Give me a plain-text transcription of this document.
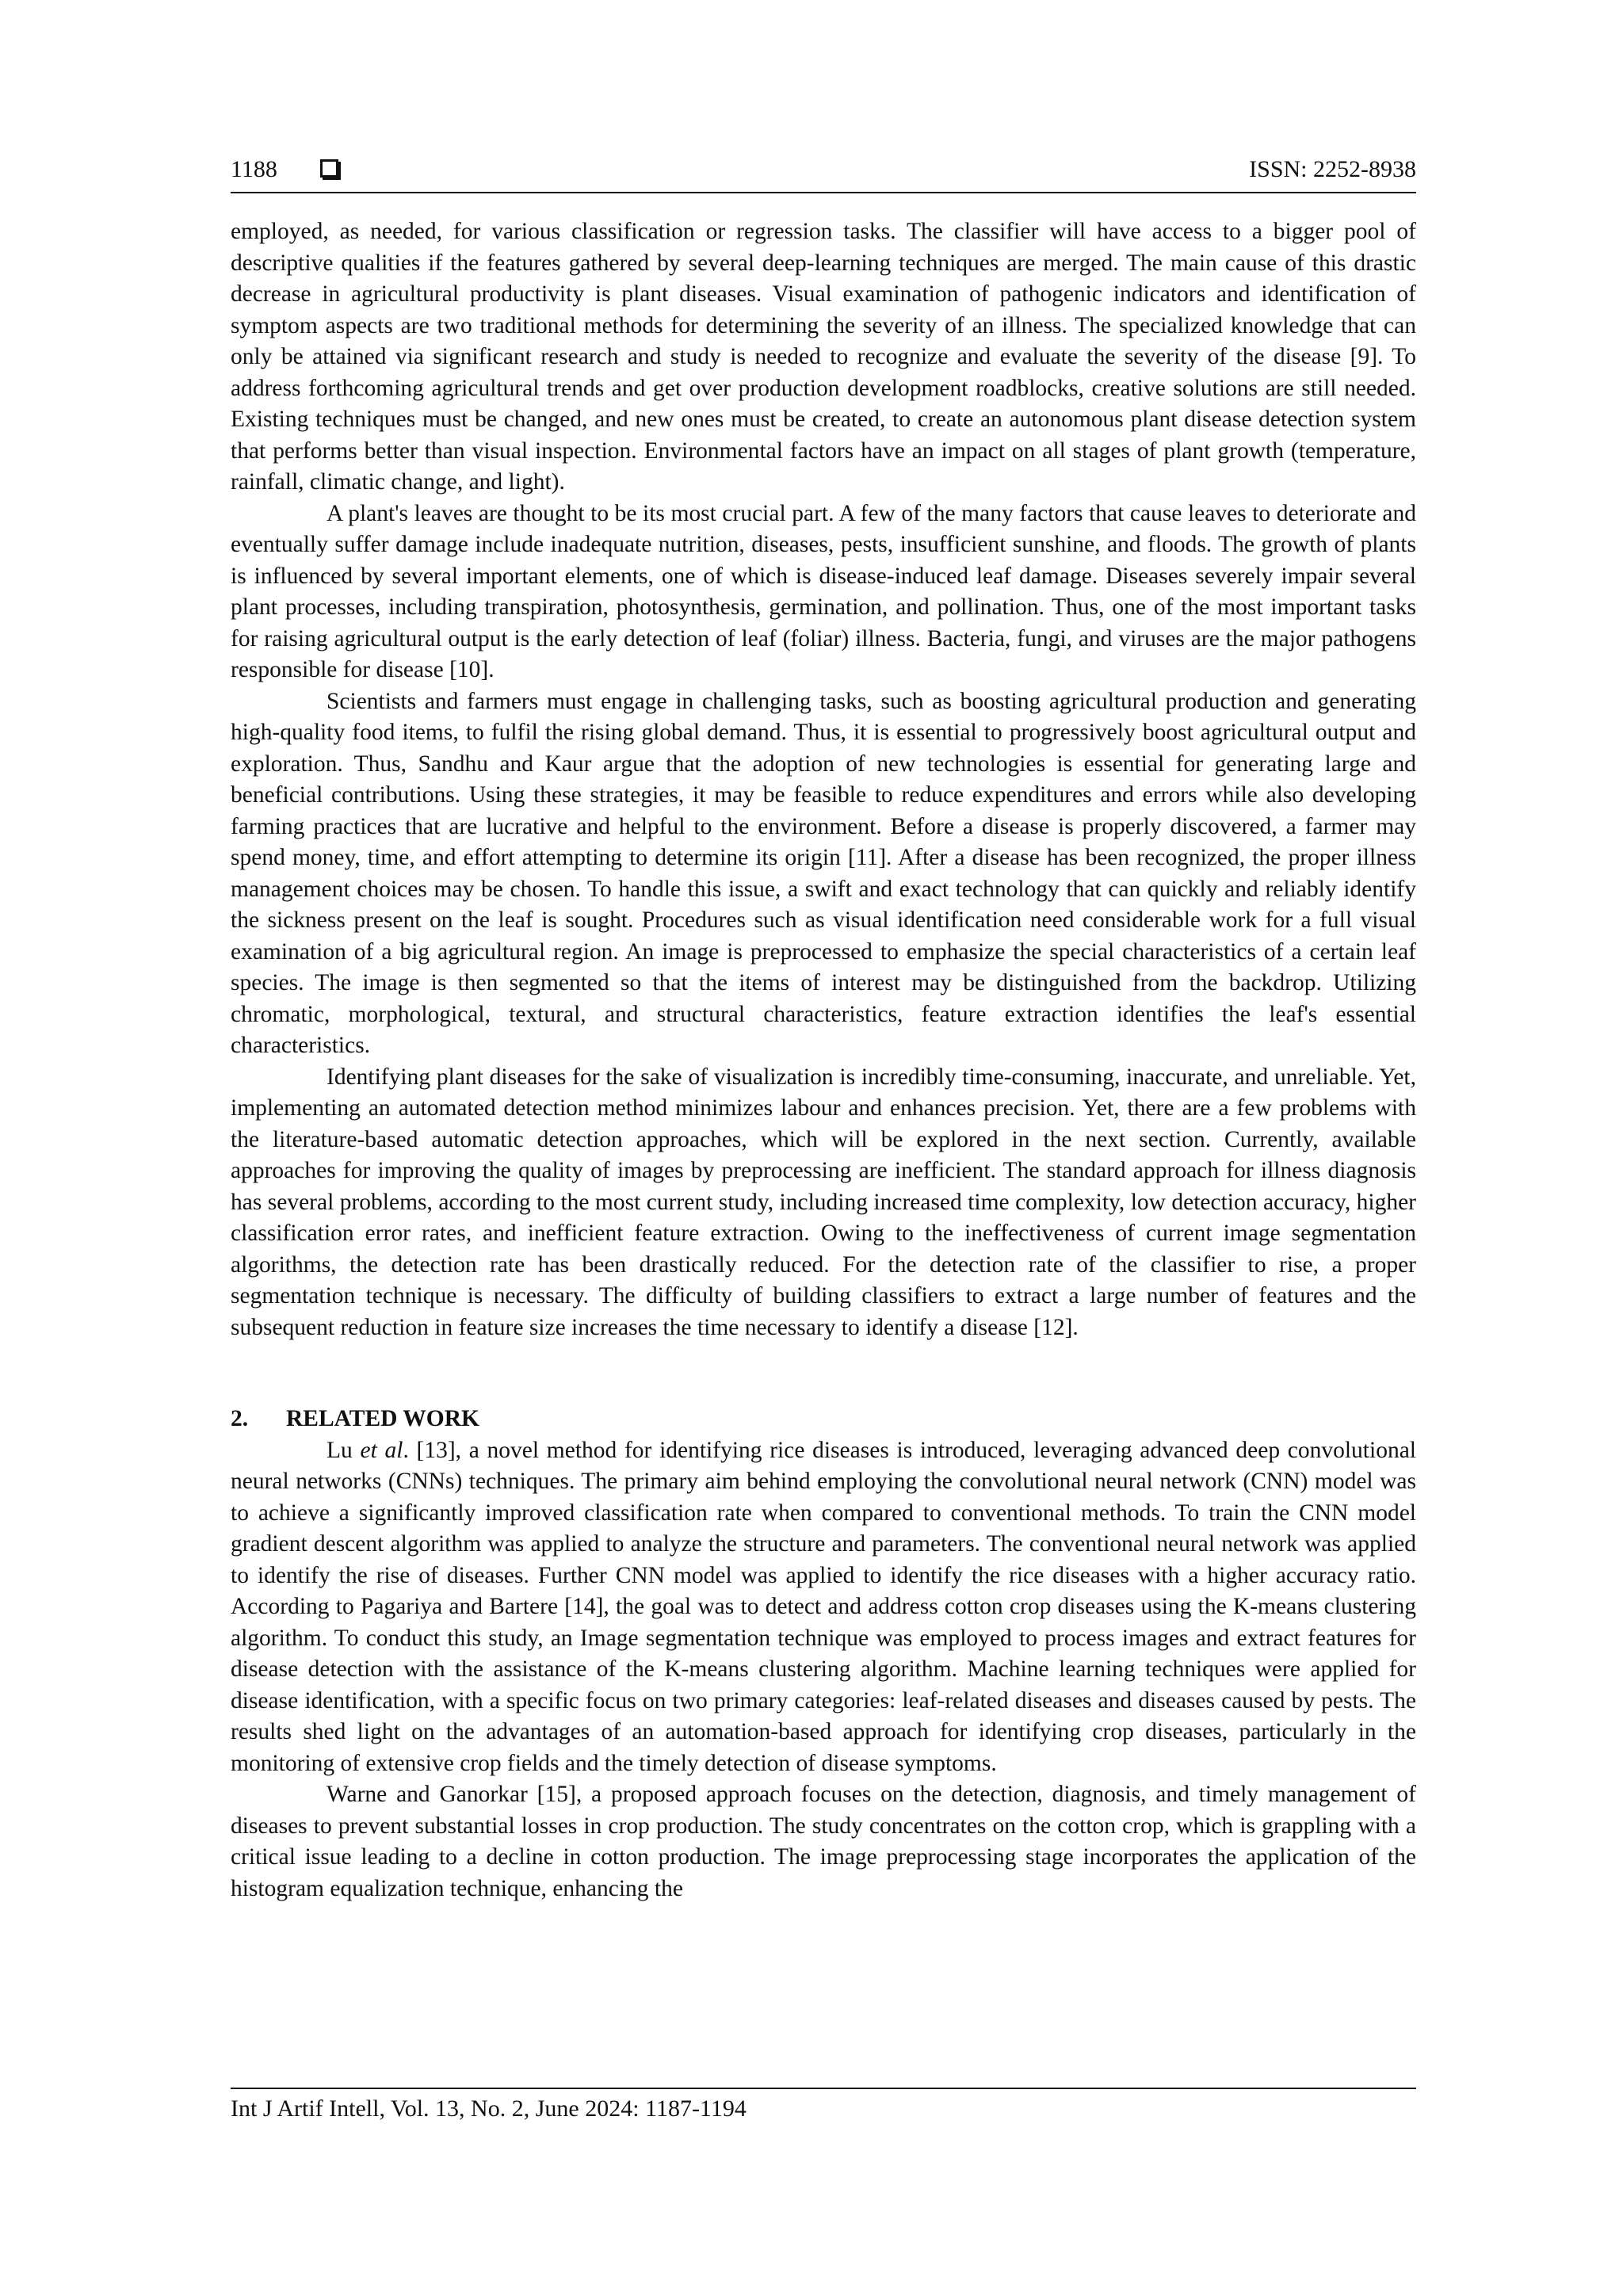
1188	ISSN: 2252-8938

employed, as needed, for various classification or regression tasks. The classifier will have access to a bigger pool of descriptive qualities if the features gathered by several deep-learning techniques are merged. The main cause of this drastic decrease in agricultural productivity is plant diseases. Visual examination of pathogenic indicators and identification of symptom aspects are two traditional methods for determining the severity of an illness. The specialized knowledge that can only be attained via significant research and study is needed to recognize and evaluate the severity of the disease [9]. To address forthcoming agricultural trends and get over production development roadblocks, creative solutions are still needed. Existing techniques must be changed, and new ones must be created, to create an autonomous plant disease detection system that performs better than visual inspection. Environmental factors have an impact on all stages of plant growth (temperature, rainfall, climatic change, and light).

A plant's leaves are thought to be its most crucial part. A few of the many factors that cause leaves to deteriorate and eventually suffer damage include inadequate nutrition, diseases, pests, insufficient sunshine, and floods. The growth of plants is influenced by several important elements, one of which is disease-induced leaf damage. Diseases severely impair several plant processes, including transpiration, photosynthesis, germination, and pollination. Thus, one of the most important tasks for raising agricultural output is the early detection of leaf (foliar) illness. Bacteria, fungi, and viruses are the major pathogens responsible for disease [10].

Scientists and farmers must engage in challenging tasks, such as boosting agricultural production and generating high-quality food items, to fulfil the rising global demand. Thus, it is essential to progressively boost agricultural output and exploration. Thus, Sandhu and Kaur argue that the adoption of new technologies is essential for generating large and beneficial contributions. Using these strategies, it may be feasible to reduce expenditures and errors while also developing farming practices that are lucrative and helpful to the environment. Before a disease is properly discovered, a farmer may spend money, time, and effort attempting to determine its origin [11]. After a disease has been recognized, the proper illness management choices may be chosen. To handle this issue, a swift and exact technology that can quickly and reliably identify the sickness present on the leaf is sought. Procedures such as visual identification need considerable work for a full visual examination of a big agricultural region. An image is preprocessed to emphasize the special characteristics of a certain leaf species. The image is then segmented so that the items of interest may be distinguished from the backdrop. Utilizing chromatic, morphological, textural, and structural characteristics, feature extraction identifies the leaf's essential characteristics.

Identifying plant diseases for the sake of visualization is incredibly time-consuming, inaccurate, and unreliable. Yet, implementing an automated detection method minimizes labour and enhances precision. Yet, there are a few problems with the literature-based automatic detection approaches, which will be explored in the next section. Currently, available approaches for improving the quality of images by preprocessing are inefficient. The standard approach for illness diagnosis has several problems, according to the most current study, including increased time complexity, low detection accuracy, higher classification error rates, and inefficient feature extraction. Owing to the ineffectiveness of current image segmentation algorithms, the detection rate has been drastically reduced. For the detection rate of the classifier to rise, a proper segmentation technique is necessary. The difficulty of building classifiers to extract a large number of features and the subsequent reduction in feature size increases the time necessary to identify a disease [12].

2. RELATED WORK

Lu et al. [13], a novel method for identifying rice diseases is introduced, leveraging advanced deep convolutional neural networks (CNNs) techniques. The primary aim behind employing the convolutional neural network (CNN) model was to achieve a significantly improved classification rate when compared to conventional methods. To train the CNN model gradient descent algorithm was applied to analyze the structure and parameters. The conventional neural network was applied to identify the rise of diseases. Further CNN model was applied to identify the rice diseases with a higher accuracy ratio. According to Pagariya and Bartere [14], the goal was to detect and address cotton crop diseases using the K-means clustering algorithm. To conduct this study, an Image segmentation technique was employed to process images and extract features for disease detection with the assistance of the K-means clustering algorithm. Machine learning techniques were applied for disease identification, with a specific focus on two primary categories: leaf-related diseases and diseases caused by pests. The results shed light on the advantages of an automation-based approach for identifying crop diseases, particularly in the monitoring of extensive crop fields and the timely detection of disease symptoms.

Warne and Ganorkar [15], a proposed approach focuses on the detection, diagnosis, and timely management of diseases to prevent substantial losses in crop production. The study concentrates on the cotton crop, which is grappling with a critical issue leading to a decline in cotton production. The image preprocessing stage incorporates the application of the histogram equalization technique, enhancing the

Int J Artif Intell, Vol. 13, No. 2, June 2024: 1187-1194
